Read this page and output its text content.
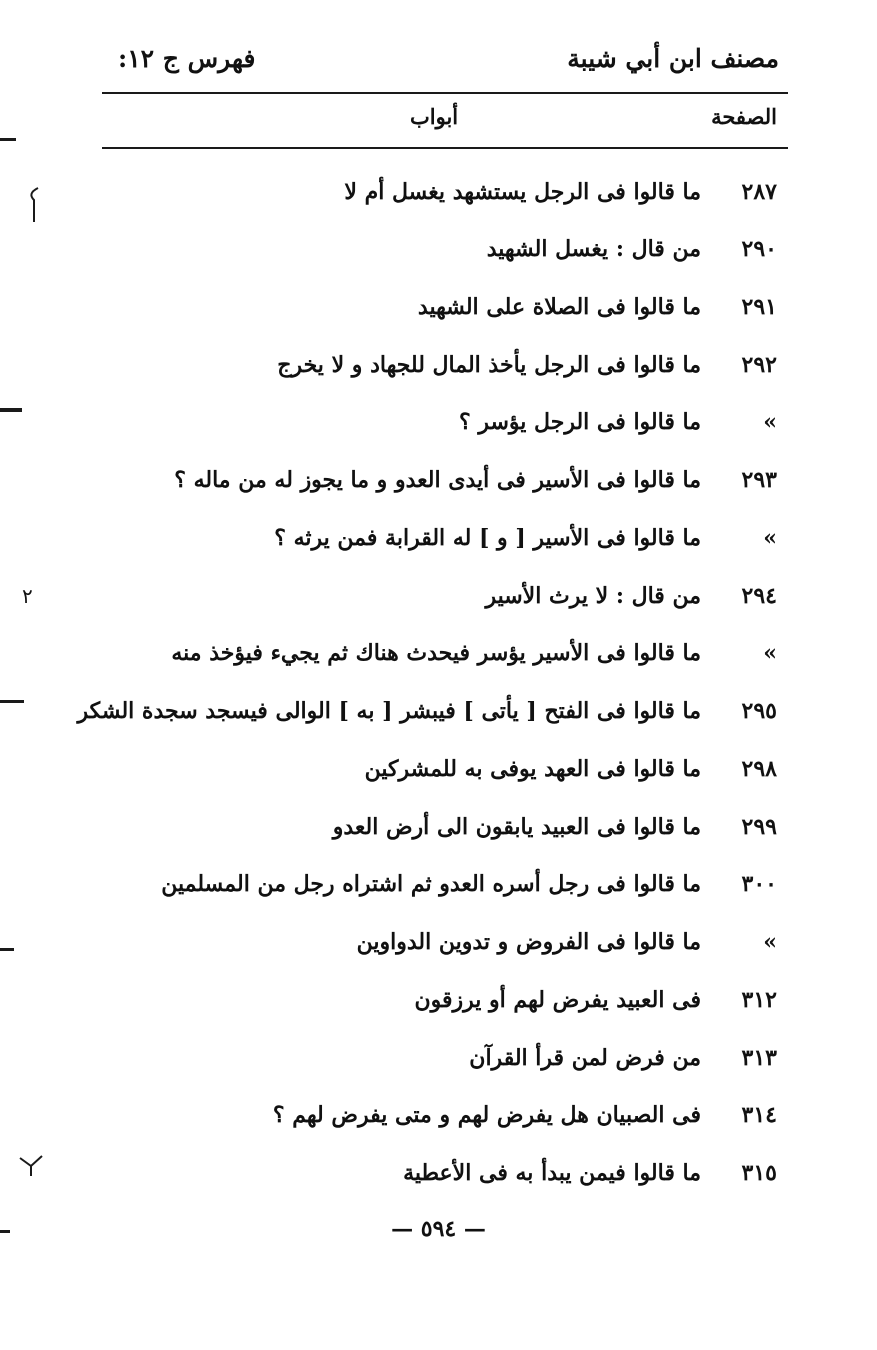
مصنف ابن أبي شيبة
فهرس ج ١٢:
الصفحة
أبواب
٢٨٧
ما قالوا فى الرجل يستشهد يغسل أم لا
٢٩٠
من قال : يغسل الشهيد
٢٩١
ما قالوا فى الصلاة على الشهيد
٢٩٢
ما قالوا فى الرجل يأخذ المال للجهاد و لا يخرج
»
ما قالوا فى الرجل يؤسر ؟
٢٩٣
ما قالوا فى الأسير فى أيدى العدو و ما يجوز له من ماله ؟
»
ما قالوا فى الأسير [ و ] له القرابة فمن يرثه ؟
٢٩٤
من قال : لا يرث الأسير
»
ما قالوا فى الأسير يؤسر فيحدث هناك ثم يجيء فيؤخذ منه
٢٩٥
ما قالوا فى الفتح [ يأتى ] فيبشر [ به ] الوالى فيسجد سجدة الشكر
٢٩٨
ما قالوا فى العهد يوفى به للمشركين
٢٩٩
ما قالوا فى العبيد يابقون الى أرض العدو
٣٠٠
ما قالوا فى رجل أسره العدو ثم اشتراه رجل من المسلمين
»
ما قالوا فى الفروض و تدوين الدواوين
٣١٢
فى العبيد يفرض لهم أو يرزقون
٣١٣
من فرض لمن قرأ القرآن
٣١٤
فى الصبيان هل يفرض لهم و متى يفرض لهم ؟
٣١٥
ما قالوا فيمن يبدأ به فى الأعطية
— ٥٩٤ —
٢
